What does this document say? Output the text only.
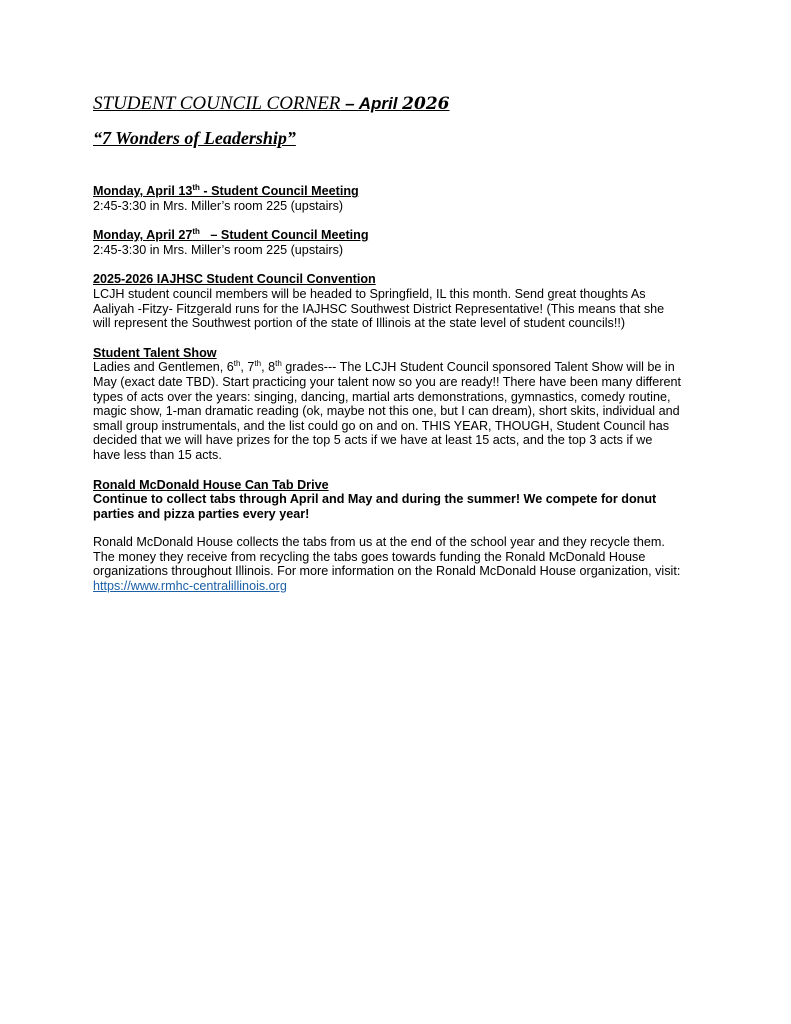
STUDENT COUNCIL CORNER – April 2026
“7 Wonders of Leadership”
Monday, April 13th - Student Council Meeting
2:45-3:30 in Mrs. Miller’s room 225 (upstairs)
Monday, April 27th   – Student Council Meeting
2:45-3:30 in Mrs. Miller’s room 225 (upstairs)
2025-2026 IAJHSC Student Council Convention
LCJH student council members will be headed to Springfield, IL this month. Send great thoughts As
Aaliyah -Fitzy- Fitzgerald runs for the IAJHSC Southwest District Representative! (This means that she
will represent the Southwest portion of the state of Illinois at the state level of student councils!!)
Student Talent Show
Ladies and Gentlemen, 6th, 7th, 8th grades--- The LCJH Student Council sponsored Talent Show will be in
May (exact date TBD). Start practicing your talent now so you are ready!! There have been many different
types of acts over the years: singing, dancing, martial arts demonstrations, gymnastics, comedy routine,
magic show, 1-man dramatic reading (ok, maybe not this one, but I can dream), short skits, individual and
small group instrumentals, and the list could go on and on. THIS YEAR, THOUGH, Student Council has
decided that we will have prizes for the top 5 acts if we have at least 15 acts, and the top 3 acts if we
have less than 15 acts.
Ronald McDonald House Can Tab Drive
Continue to collect tabs through April and May and during the summer! We compete for donut
parties and pizza parties every year!
Ronald McDonald House collects the tabs from us at the end of the school year and they recycle them.
The money they receive from recycling the tabs goes towards funding the Ronald McDonald House
organizations throughout Illinois. For more information on the Ronald McDonald House organization, visit:
https://www.rmhc-centralillinois.org
